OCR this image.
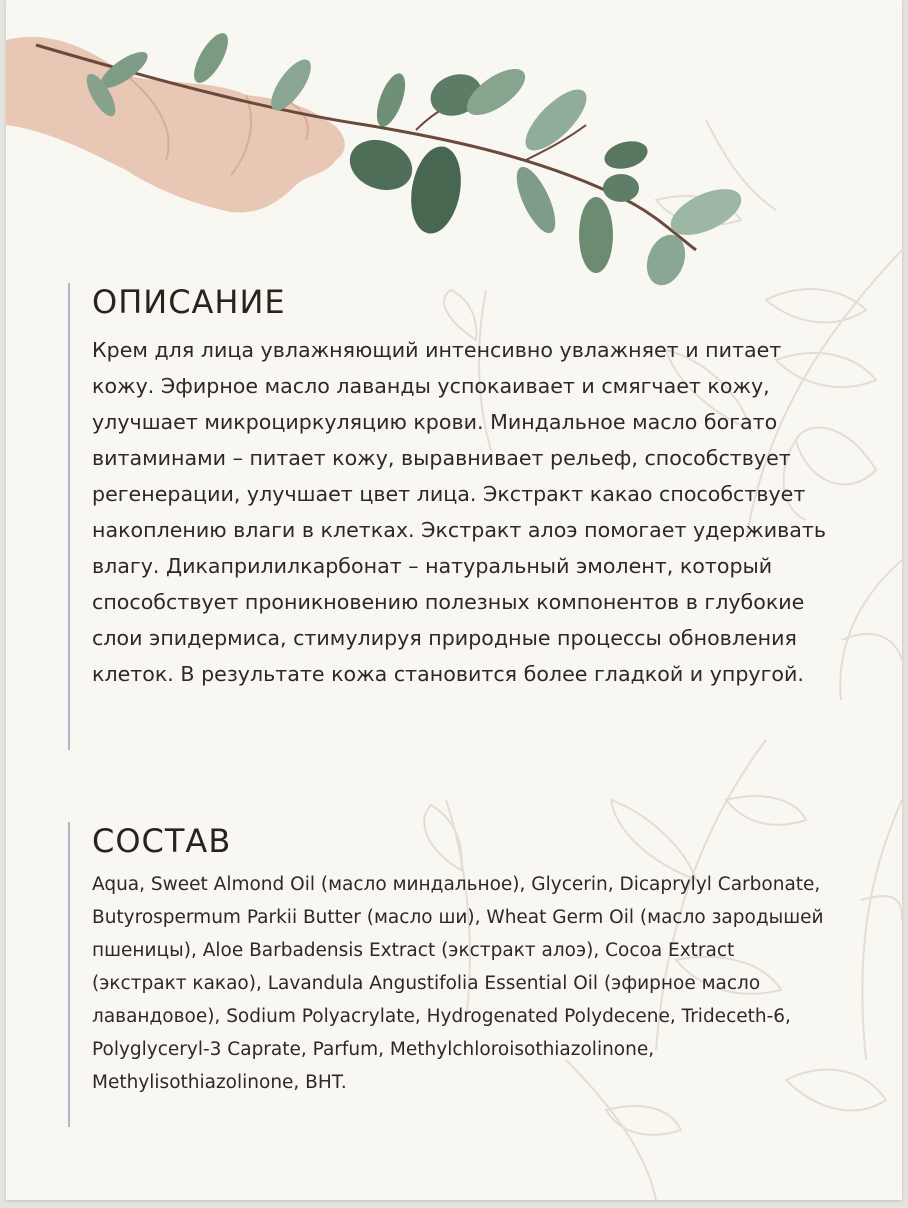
ОПИСАНИЕ

Крем для лица увлажняющий интенсивно увлажняет и питает кожу. Эфирное масло лаванды успокаивает и смягчает кожу, улучшает микроциркуляцию крови. Миндальное масло богато витаминами – питает кожу, выравнивает рельеф, способствует регенерации, улучшает цвет лица. Экстракт какао способствует накоплению влаги в клетках. Экстракт алоэ помогает удерживать влагу. Дикаприлилкарбонат – натуральный эмолент, который способствует проникновению полезных компонентов в глубокие слои эпидермиса, стимулируя природные процессы обновления клеток. В результате кожа становится более гладкой и упругой.

СОСТАВ

Aqua, Sweet Almond Oil (масло миндальное), Glycerin, Dicaprylyl Carbonate, Butyrospermum Parkii Butter (масло ши), Wheat Germ Oil (масло зародышей пшеницы), Aloe Barbadensis Extract (экстракт алоэ), Cocoa Extract (экстракт какао), Lavandula Angustifolia Essential Oil (эфирное масло лавандовое), Sodium Polyacrylate, Hydrogenated Polydecene, Trideceth-6, Polyglyceryl-3 Caprate, Parfum, Methylchloroisothiazolinone, Methylisothiazolinone, BHT.
